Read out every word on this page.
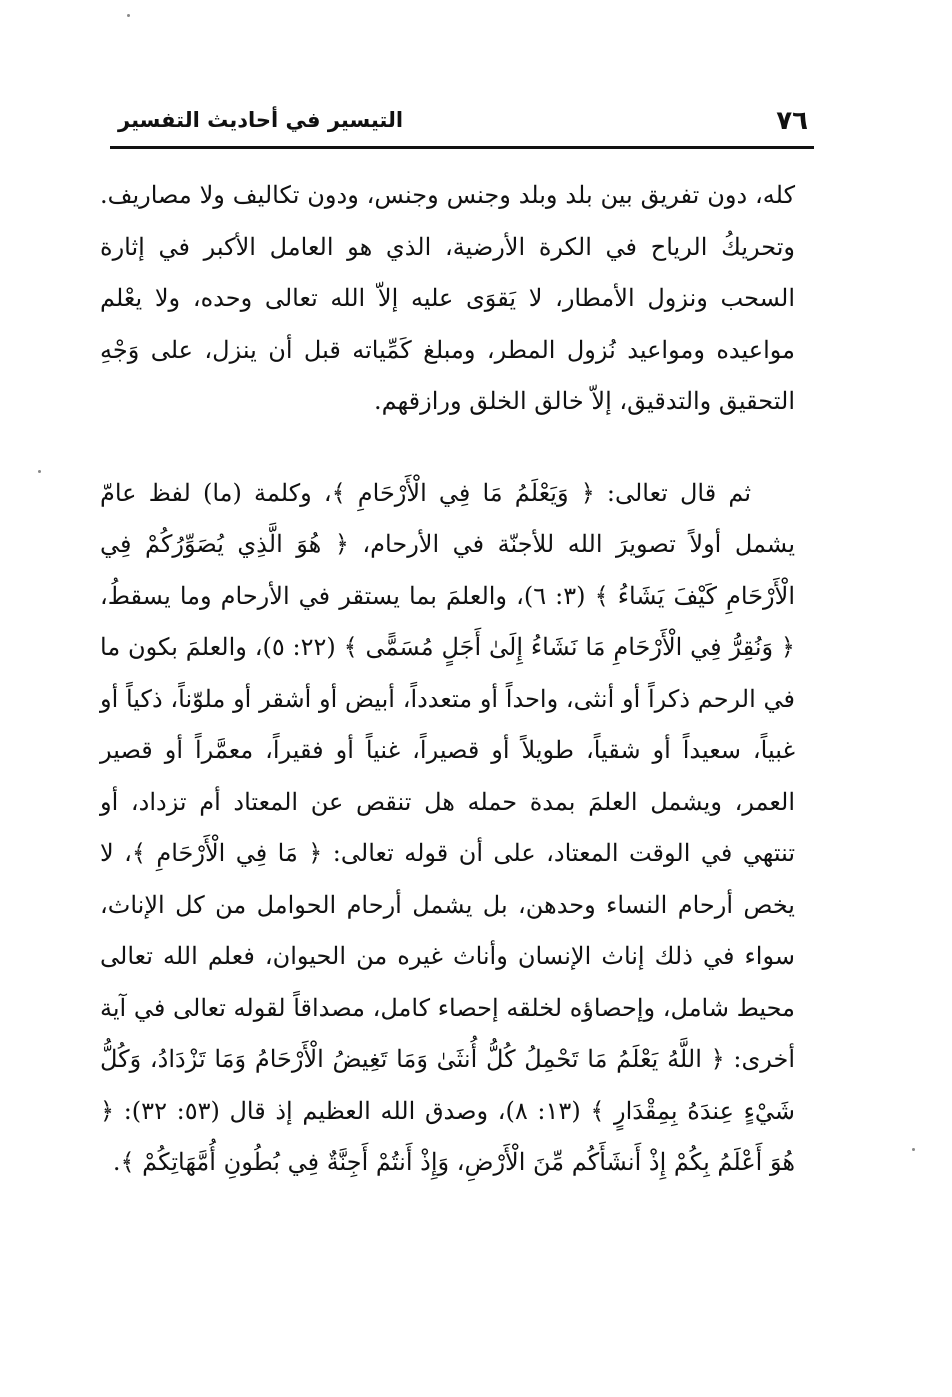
٧٦
التيسير في أحاديث التفسير

كله، دون تفريق بين بلد وبلد وجنس وجنس، ودون تكاليف ولا مصاريف. وتحريكُ الرياح في الكرة الأرضية، الذي هو العامل الأكبر في إثارة السحب ونزول الأمطار، لا يَقوَى عليه إلاّ الله تعالى وحده، ولا يعْلم مواعيده ومواعيد نُزول المطر، ومبلغ كَمِّياته قبل أن ينزل، على وَجْهِ التحقيق والتدقيق، إلاّ خالق الخلق ورازقهم.

ثم قال تعالى: ﴿ وَيَعْلَمُ مَا فِي الْأَرْحَامِ ﴾، وكلمة (ما) لفظ عامّ يشمل أولاً تصويرَ الله للأجنّة في الأرحام، ﴿ هُوَ الَّذِي يُصَوِّرُكُمْ فِي الْأَرْحَامِ كَيْفَ يَشَاءُ ﴾ (٣: ٦)، والعلمَ بما يستقر في الأرحام وما يسقطُ، ﴿ وَنُقِرُّ فِي الْأَرْحَامِ مَا نَشَاءُ إِلَىٰ أَجَلٍ مُسَمًّى ﴾ (٢٢: ٥)، والعلمَ بكون ما في الرحم ذكراً أو أنثى، واحداً أو متعدداً، أبيض أو أشقر أو ملوّناً، ذكياً أو غبياً، سعيداً أو شقياً، طويلاً أو قصيراً، غنياً أو فقيراً، معمَّراً أو قصير العمر، ويشمل العلمَ بمدة حمله هل تنقص عن المعتاد أم تزداد، أو تنتهي في الوقت المعتاد، على أن قوله تعالى: ﴿ مَا فِي الْأَرْحَامِ ﴾، لا يخص أرحام النساء وحدهن، بل يشمل أرحام الحوامل من كل الإناث، سواء في ذلك إناث الإنسان وأناث غيره من الحيوان، فعلم الله تعالى محيط شامل، وإحصاؤه لخلقه إحصاء كامل، مصداقاً لقوله تعالى في آية أخرى: ﴿ اللَّهُ يَعْلَمُ مَا تَحْمِلُ كُلُّ أُنثَىٰ وَمَا تَغِيضُ الْأَرْحَامُ وَمَا تَزْدَادُ، وَكُلُّ شَيْءٍ عِندَهُ بِمِقْدَارٍ ﴾ (١٣: ٨)، وصدق الله العظيم إذ قال (٥٣: ٣٢): ﴿ هُوَ أَعْلَمُ بِكُمْ إِذْ أَنشَأَكُم مِّنَ الْأَرْضِ، وَإِذْ أَنتُمْ أَجِنَّةٌ فِي بُطُونِ أُمَّهَاتِكُمْ ﴾.
